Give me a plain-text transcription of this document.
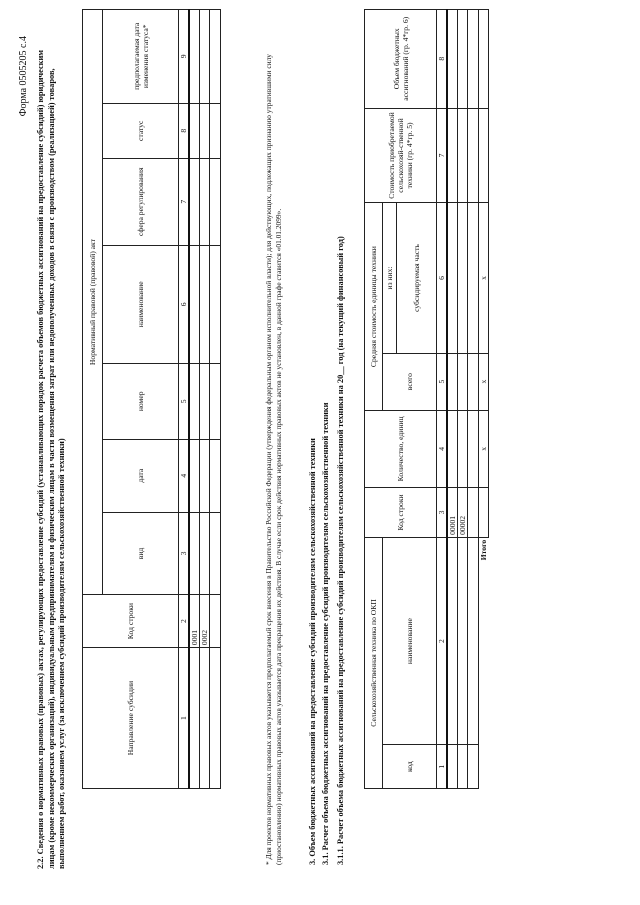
Форма 0505205 с.4 2.2. Сведения о нормативных правовых (правовых) актах, регулирующих предоставление субсидий (устанавливающих порядок расчета объемов бюджетных ассигнований на предоставление субсидий) юридическим лицам (кроме некоммерческих организаций), индивидуальным предпринимателям и физическим лицам в части возмещения затрат или недополученных доходов в связи с производством (реализацией) товаров, выполнением работ, оказанием услуг (за исключением субсидий производителям сельскохозяйственной техники)	Направление субсидии	Код строки	Нормативный правовой (правовой) акт						
		вид	дата	номер	наименование	сфера регулирования	статус	предполагаемая дата изменения статуса*
1	2	3	4	5	6	7	8	9
	0001							
	0002							
									* Для проектов нормативных правовых актов указывается предполагаемый срок внесения в Правительство Российской Федерации (утверждения федеральным органом исполнительной власти); для действующих, подлежащих признанию утратившими силу (приостановлению) нормативных правовых актов указывается дата прекращения их действия. В случае если срок действия нормативных правовых актов не установлен, в данной графе ставится «01.01.2099».	3. Объем бюджетных ассигнований на предоставление субсидий производителям сельскохозяйственной техники 3.1. Расчет объема бюджетных ассигнований на предоставление субсидий производителям сельскохозяйственной техники 3.1.1. Расчет объема бюджетных ассигнований на предоставление субсидий производителям сельскохозяйственной техники на 20__ год (на текущий финансовый год)	Сельскохозяйственная техника по ОКП		Код строки	Количество, единиц	Средняя стоимость единицы техники		Стоимость приобретаемой сельскохозяй-ственной техники (гр. 4*гр. 5)	Объем бюджетных ассигнований (гр. 4*гр. 6)
код	наименование			всего	из них:		
					субсидируемая часть		
1	2	3	4	5	6	7	8
		00001					
		00002					

Итого			x	x	x		
